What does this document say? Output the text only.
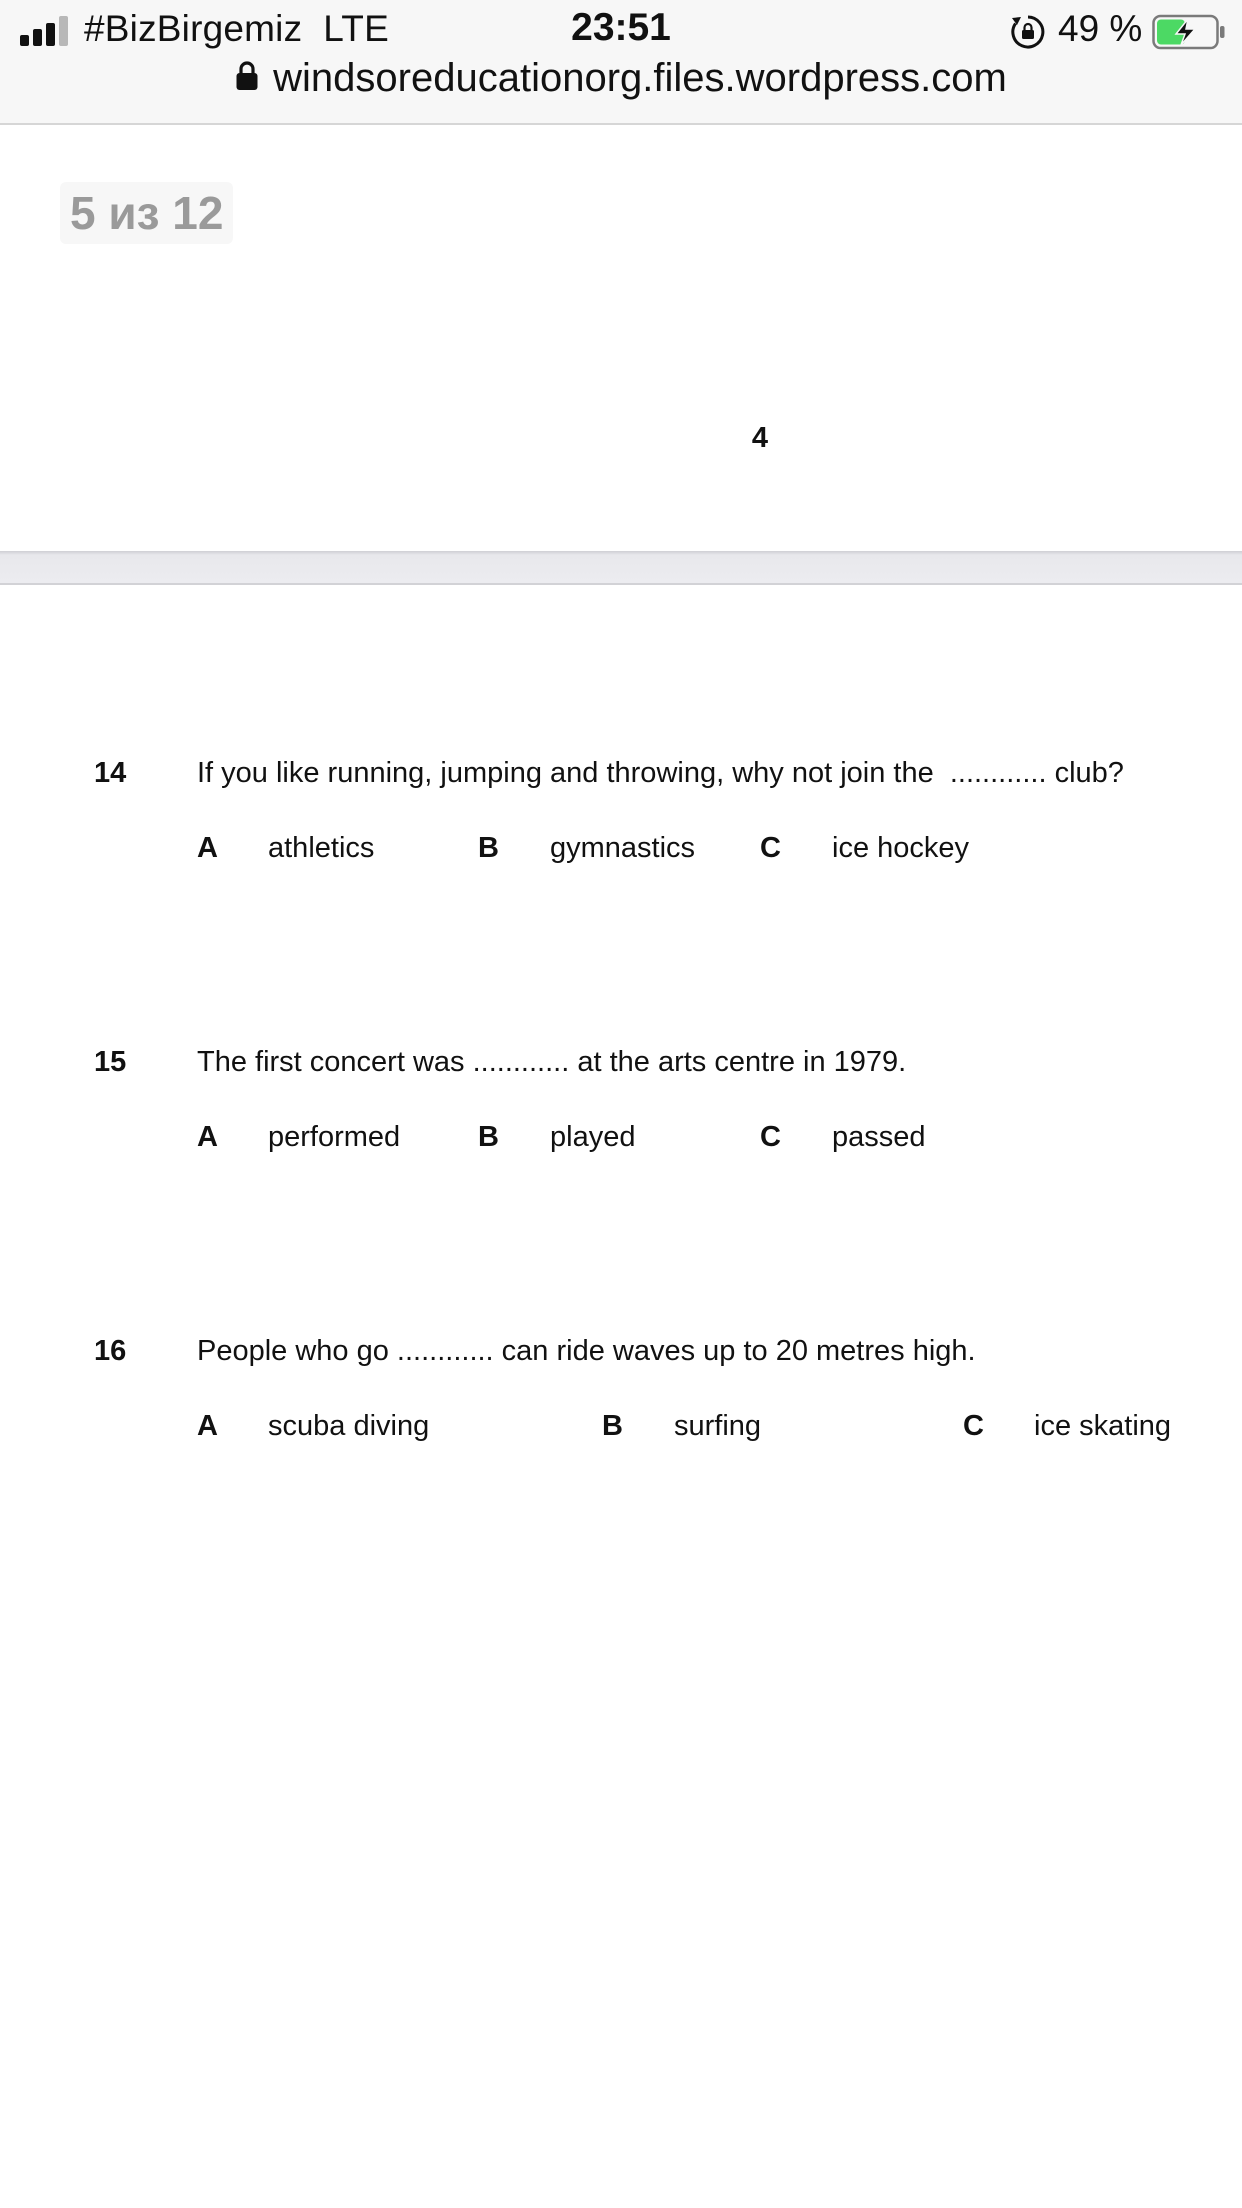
#BizBirgemiz  LTE	23:51	49 %
windsoreducationorg.files.wordpress.com
5 из 12
4
14 If you like running, jumping and throwing, why not join the  ............ club?
A athletics	B gymnastics C ice hockey
15 The first concert was ............ at the arts centre in 1979.
A performed	B played	C passed
16 People who go ............ can ride waves up to 20 metres high.
A scuba diving	B surfing	C ice skating
